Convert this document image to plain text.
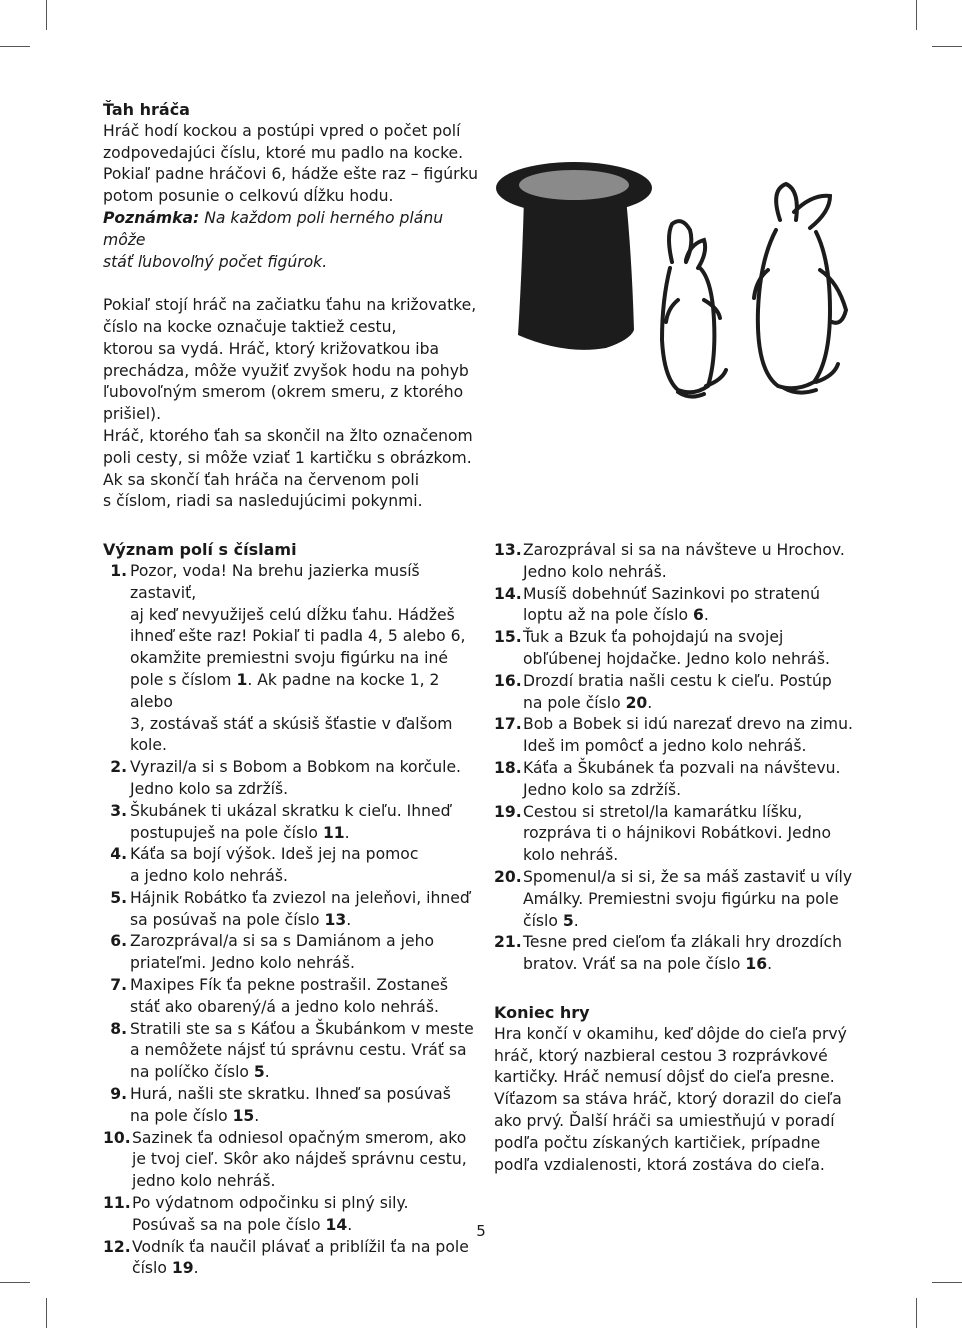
Ťah hráča
Hráč hodí kockou a postúpi vpred o počet polí
zodpovedajúci číslu, ktoré mu padlo na kocke.
Pokiaľ padne hráčovi 6, hádže ešte raz – figúrku
potom posunie o celkovú dĺžku hodu.
Poznámka: Na každom poli herného plánu môže
stáť ľubovoľný počet figúrok.
Pokiaľ stojí hráč na začiatku ťahu na križovatke,
číslo na kocke označuje taktiež cestu,
ktorou sa vydá. Hráč, ktorý križovatkou iba
prechádza, môže využiť zvyšok hodu na pohyb
ľubovoľným smerom (okrem smeru, z ktorého
prišiel).
Hráč, ktorého ťah sa skončil na žlto označenom
poli cesty, si môže vziať 1 kartičku s obrázkom.
Ak sa skončí ťah hráča na červenom poli
s číslom, riadi sa nasledujúcimi pokynmi.
Význam polí s číslami
1. Pozor, voda! Na brehu jazierka musíš zastaviť,
aj keď nevyužiješ celú dĺžku ťahu. Hádžeš
ihneď ešte raz! Pokiaľ ti padla 4, 5 alebo 6,
okamžite premiestni svoju figúrku na iné
pole s číslom 1. Ak padne na kocke 1, 2 alebo
3, zostávaš stáť a skúsiš šťastie v ďalšom kole.
2. Vyrazil/a si s Bobom a Bobkom na korčule.
Jedno kolo sa zdržíš.
3. Škubánek ti ukázal skratku k cieľu. Ihneď
postupuješ na pole číslo 11.
4. Káťa sa bojí výšok. Ideš jej na pomoc
a jedno kolo nehráš.
5. Hájnik Robátko ťa zviezol na jeleňovi, ihneď
sa posúvaš na pole číslo 13.
6. Zarozprával/a si sa s Damiánom a jeho
priateľmi. Jedno kolo nehráš.
7. Maxipes Fík ťa pekne postrašil. Zostaneš
stáť ako obarený/á a jedno kolo nehráš.
8. Stratili ste sa s Káťou a Škubánkom v meste
a nemôžete nájsť tú správnu cestu. Vráť sa
na políčko číslo 5.
9. Hurá, našli ste skratku. Ihneď sa posúvaš
na pole číslo 15.
10. Sazinek ťa odniesol opačným smerom, ako
je tvoj cieľ. Skôr ako nájdeš správnu cestu,
jedno kolo nehráš.
11. Po výdatnom odpočinku si plný sily.
Posúvaš sa na pole číslo 14.
12. Vodník ťa naučil plávať a priblížil ťa na pole
číslo 19.
13. Zarozprával si sa na návšteve u Hrochov.
Jedno kolo nehráš.
14. Musíš dobehnúť Sazinkovi po stratenú
loptu až na pole číslo 6.
15. Ťuk a Bzuk ťa pohojdajú na svojej
obľúbenej hojdačke. Jedno kolo nehráš.
16. Drozdí bratia našli cestu k cieľu. Postúp
na pole číslo 20.
17. Bob a Bobek si idú narezať drevo na zimu.
Ideš im pomôcť a jedno kolo nehráš.
18. Káťa a Škubánek ťa pozvali na návštevu.
Jedno kolo sa zdržíš.
19. Cestou si stretol/la kamarátku líšku,
rozpráva ti o hájnikovi Robátkovi. Jedno
kolo nehráš.
20. Spomenul/a si si, že sa máš zastaviť u víly
Amálky. Premiestni svoju figúrku na pole
číslo 5.
21. Tesne pred cieľom ťa zlákali hry drozdích
bratov. Vráť sa na pole číslo 16.
Koniec hry
Hra končí v okamihu, keď dôjde do cieľa prvý
hráč, ktorý nazbieral cestou 3 rozprávkové
kartičky. Hráč nemusí dôjsť do cieľa presne.
Víťazom sa stáva hráč, ktorý dorazil do cieľa
ako prvý. Ďalší hráči sa umiestňujú v poradí
podľa počtu získaných kartičiek, prípadne
podľa vzdialenosti, ktorá zostáva do cieľa.
5
